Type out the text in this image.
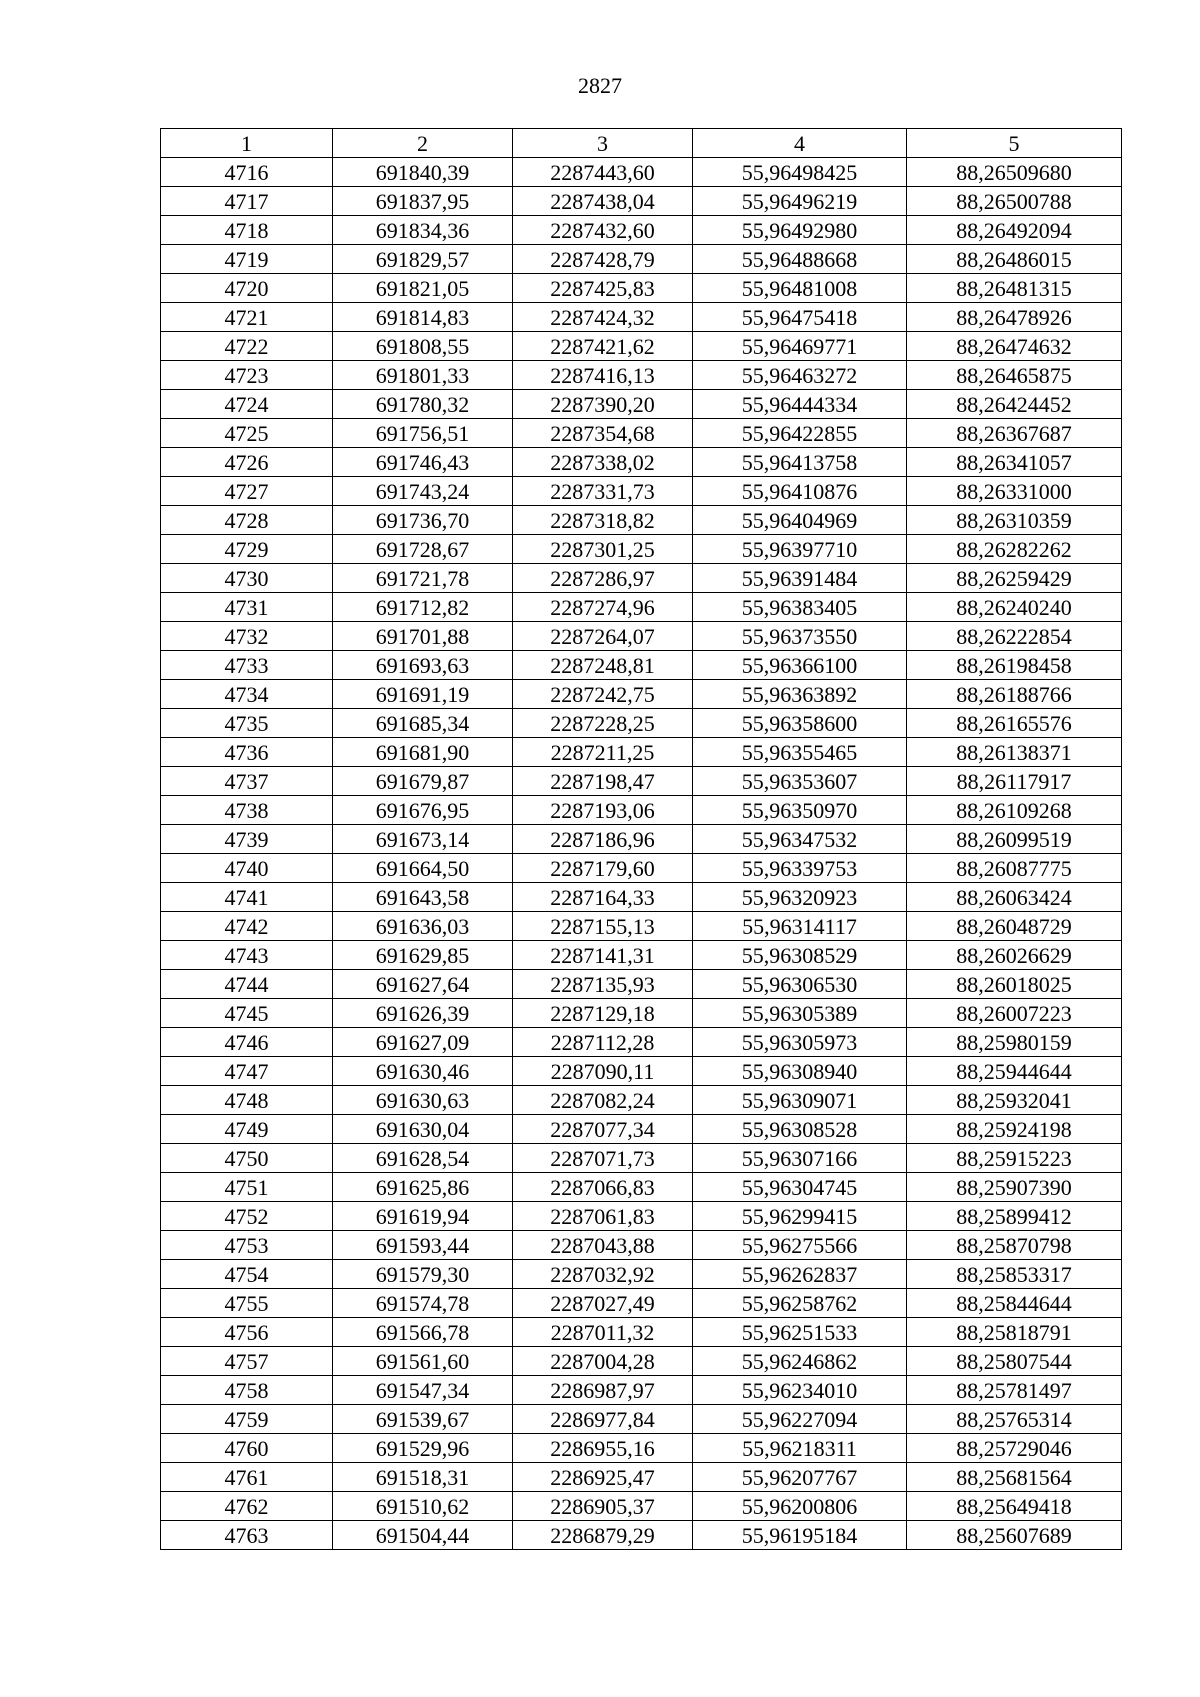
2827
1	2	3	4	5
4716	691840,39	2287443,60	55,96498425	88,26509680
4717	691837,95	2287438,04	55,96496219	88,26500788
4718	691834,36	2287432,60	55,96492980	88,26492094
4719	691829,57	2287428,79	55,96488668	88,26486015
4720	691821,05	2287425,83	55,96481008	88,26481315
4721	691814,83	2287424,32	55,96475418	88,26478926
4722	691808,55	2287421,62	55,96469771	88,26474632
4723	691801,33	2287416,13	55,96463272	88,26465875
4724	691780,32	2287390,20	55,96444334	88,26424452
4725	691756,51	2287354,68	55,96422855	88,26367687
4726	691746,43	2287338,02	55,96413758	88,26341057
4727	691743,24	2287331,73	55,96410876	88,26331000
4728	691736,70	2287318,82	55,96404969	88,26310359
4729	691728,67	2287301,25	55,96397710	88,26282262
4730	691721,78	2287286,97	55,96391484	88,26259429
4731	691712,82	2287274,96	55,96383405	88,26240240
4732	691701,88	2287264,07	55,96373550	88,26222854
4733	691693,63	2287248,81	55,96366100	88,26198458
4734	691691,19	2287242,75	55,96363892	88,26188766
4735	691685,34	2287228,25	55,96358600	88,26165576
4736	691681,90	2287211,25	55,96355465	88,26138371
4737	691679,87	2287198,47	55,96353607	88,26117917
4738	691676,95	2287193,06	55,96350970	88,26109268
4739	691673,14	2287186,96	55,96347532	88,26099519
4740	691664,50	2287179,60	55,96339753	88,26087775
4741	691643,58	2287164,33	55,96320923	88,26063424
4742	691636,03	2287155,13	55,96314117	88,26048729
4743	691629,85	2287141,31	55,96308529	88,26026629
4744	691627,64	2287135,93	55,96306530	88,26018025
4745	691626,39	2287129,18	55,96305389	88,26007223
4746	691627,09	2287112,28	55,96305973	88,25980159
4747	691630,46	2287090,11	55,96308940	88,25944644
4748	691630,63	2287082,24	55,96309071	88,25932041
4749	691630,04	2287077,34	55,96308528	88,25924198
4750	691628,54	2287071,73	55,96307166	88,25915223
4751	691625,86	2287066,83	55,96304745	88,25907390
4752	691619,94	2287061,83	55,96299415	88,25899412
4753	691593,44	2287043,88	55,96275566	88,25870798
4754	691579,30	2287032,92	55,96262837	88,25853317
4755	691574,78	2287027,49	55,96258762	88,25844644
4756	691566,78	2287011,32	55,96251533	88,25818791
4757	691561,60	2287004,28	55,96246862	88,25807544
4758	691547,34	2286987,97	55,96234010	88,25781497
4759	691539,67	2286977,84	55,96227094	88,25765314
4760	691529,96	2286955,16	55,96218311	88,25729046
4761	691518,31	2286925,47	55,96207767	88,25681564
4762	691510,62	2286905,37	55,96200806	88,25649418
4763	691504,44	2286879,29	55,96195184	88,25607689
